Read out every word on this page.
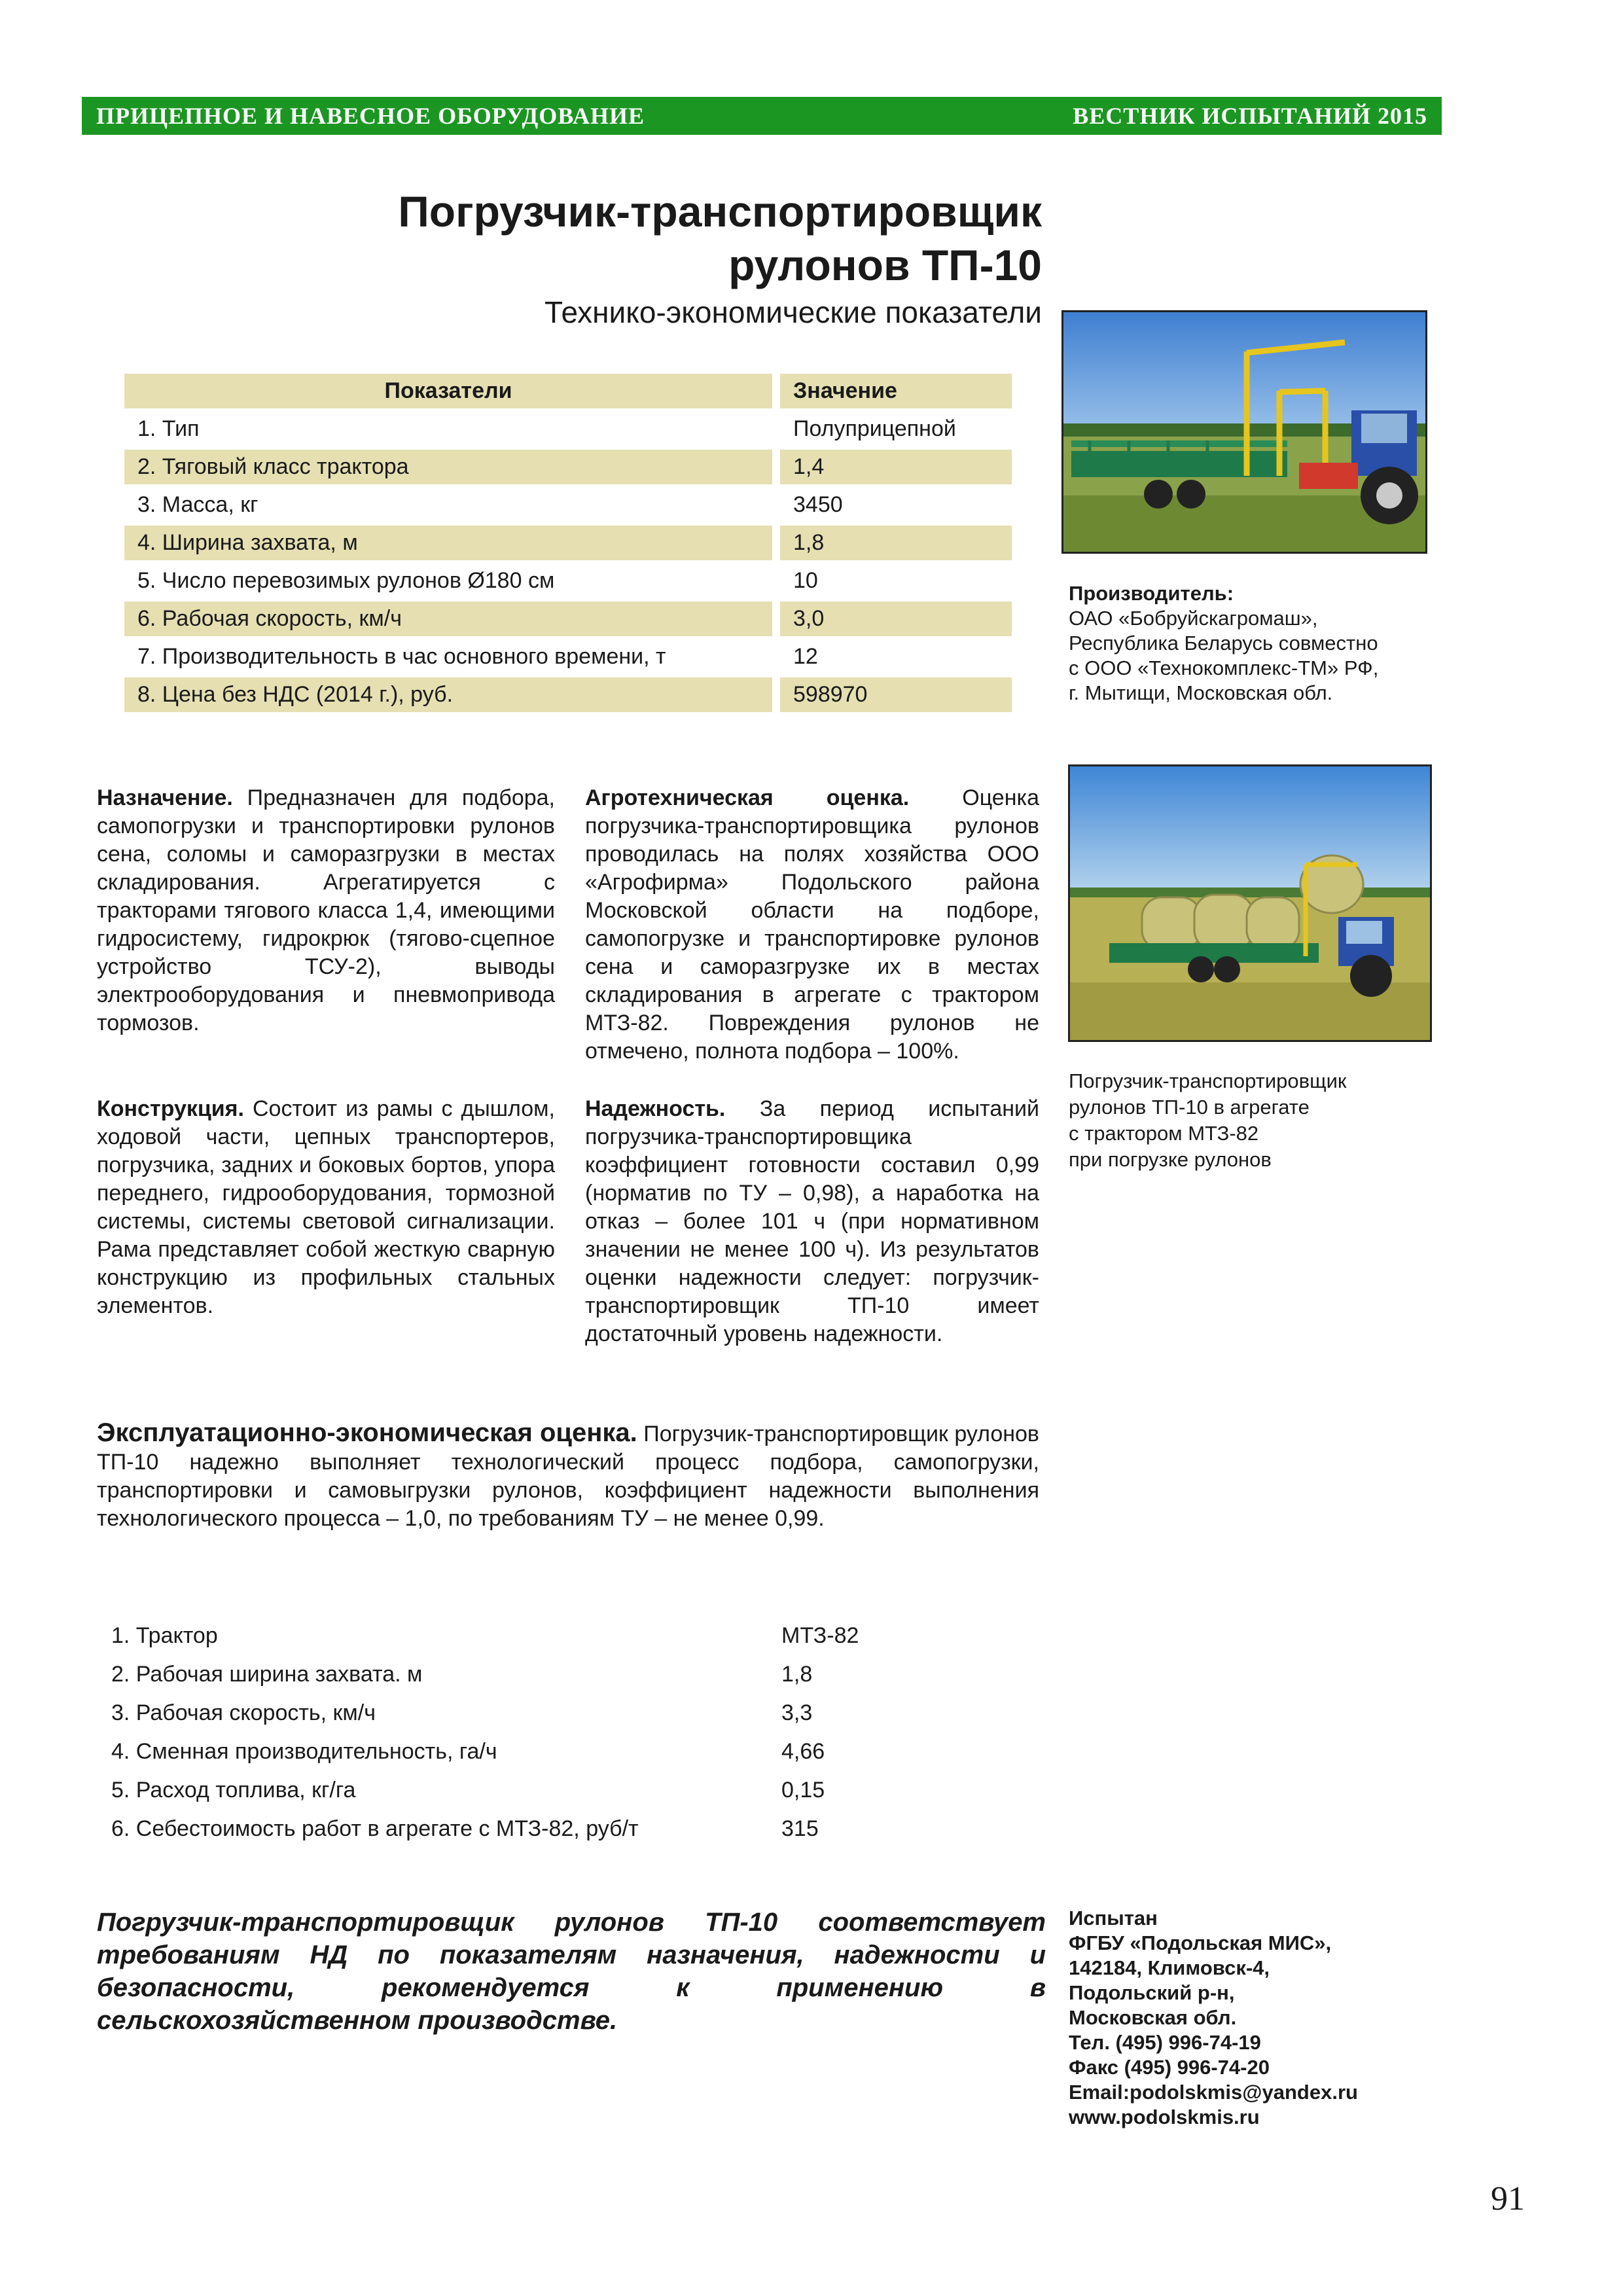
ПРИЦЕПНОЕ И НАВЕСНОЕ ОБОРУДОВАНИЕ	ВЕСТНИК ИСПЫТАНИЙ 2015
Погрузчик-транспортировщик
рулонов ТП-10
Технико-экономические показатели
Показатели		Значение
1. Тип		Полуприцепной
2. Тяговый класс трактора		1,4
3. Масса, кг		3450
4. Ширина захвата, м		1,8
5. Число перевозимых рулонов Ø180 см		10
6. Рабочая скорость, км/ч		3,0
7. Производительность в час основного времени, т		12
8. Цена без НДС (2014 г.), руб.		598970
Производитель:
ОАО «Бобруйскагромаш»,
Республика Беларусь совместно
с ООО «Технокомплекс-ТМ» РФ,
г. Мытищи, Московская обл.
Погрузчик-транспортировщик
рулонов ТП-10 в агрегате
с трактором МТЗ-82
при погрузке рулонов
Назначение. Предназначен для подбора, самопогрузки и транспортировки рулонов сена, соломы и саморазгрузки в местах складирования. Агрегатируется с тракторами тягового класса 1,4, имеющими гидросистему, гидрокрюк (тягово-сцепное устройство ТСУ-2), выводы электрооборудования и пневмопривода тормозов.
Агротехническая оценка. Оценка погрузчика-транспортировщика рулонов проводилась на полях хозяйства ООО «Агрофирма» Подольского района Московской области на подборе, самопогрузке и транспортировке рулонов сена и саморазгрузке их в местах складирования в агрегате с трактором МТЗ-82. Повреждения рулонов не отмечено, полнота подбора – 100%.
Конструкция. Состоит из рамы с дышлом, ходовой части, цепных транспортеров, погрузчика, задних и боковых бортов, упора переднего, гидрооборудования, тормозной системы, системы световой сигнализации. Рама представляет собой жесткую сварную конструкцию из профильных стальных элементов.
Надежность. За период испытаний погрузчика-транспортировщика коэффициент готовности составил 0,99 (норматив по ТУ – 0,98), а наработка на отказ – более 101 ч (при нормативном значении не менее 100 ч). Из результатов оценки надежности следует: погрузчик-транспортировщик ТП-10 имеет достаточный уровень надежности.
Эксплуатационно-экономическая оценка. Погрузчик-транспортировщик рулонов ТП-10 надежно выполняет технологический процесс подбора, самопогрузки, транспортировки и самовыгрузки рулонов, коэффициент надежности выполнения технологического процесса – 1,0, по требованиям ТУ – не менее 0,99.
1. Трактор	МТЗ-82
2. Рабочая ширина захвата. м	1,8
3. Рабочая скорость, км/ч	3,3
4. Сменная производительность, га/ч	4,66
5. Расход топлива, кг/га	0,15
6. Себестоимость работ в агрегате с МТЗ-82, руб/т	315
Погрузчик-транспортировщик рулонов ТП-10 соответствует требованиям НД по показателям назначения, надежности и безопасности, рекомендуется к применению в сельскохозяйственном производстве.
Испытан
ФГБУ «Подольская МИС»,
142184, Климовск-4,
Подольский р-н,
Московская обл.
Тел. (495) 996-74-19
Факс (495) 996-74-20
Email:podolskmis@yandex.ru
www.podolskmis.ru
91
